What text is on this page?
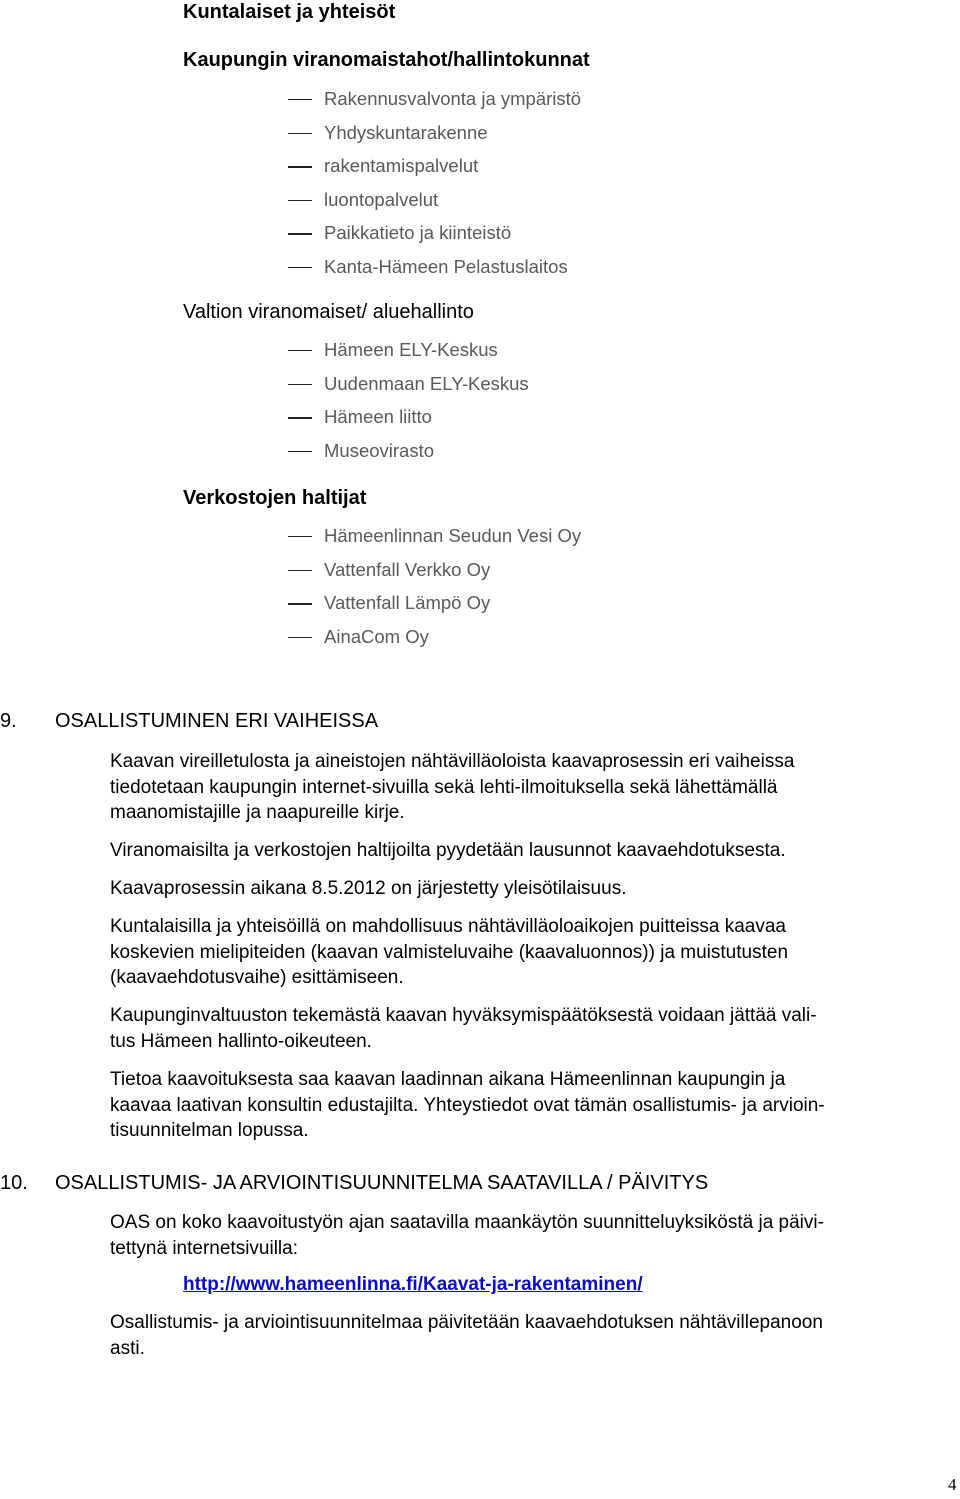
Kuntalaiset ja yhteisöt
Kaupungin viranomaistahot/hallintokunnat
Rakennusvalvonta ja ympäristö
Yhdyskuntarakenne
rakentamispalvelut
luontopalvelut
Paikkatieto ja kiinteistö
Kanta-Hämeen Pelastuslaitos
Valtion viranomaiset/ aluehallinto
Hämeen ELY-Keskus
Uudenmaan ELY-Keskus
Hämeen liitto
Museovirasto
Verkostojen haltijat
Hämeenlinnan Seudun Vesi Oy
Vattenfall Verkko Oy
Vattenfall Lämpö Oy
AinaCom Oy
9. OSALLISTUMINEN ERI VAIHEISSA

Kaavan vireilletulosta ja aineistojen nähtävilläoloista kaavaprosessin eri vaiheissa
tiedotetaan kaupungin internet-sivuilla sekä lehti-ilmoituksella sekä lähettämällä
maanomistajille ja naapureille kirje.

Viranomaisilta ja verkostojen haltijoilta pyydetään lausunnot kaavaehdotuksesta.

Kaavaprosessin aikana 8.5.2012 on järjestetty yleisötilaisuus.

Kuntalaisilla ja yhteisöillä on mahdollisuus nähtävilläoloaikojen puitteissa kaavaa
koskevien mielipiteiden (kaavan valmisteluvaihe (kaavaluonnos)) ja muistutusten
(kaavaehdotusvaihe) esittämiseen.

Kaupunginvaltuuston tekemästä kaavan hyväksymispäätöksestä voidaan jättää vali-
tus Hämeen hallinto-oikeuteen.

Tietoa kaavoituksesta saa kaavan laadinnan aikana Hämeenlinnan kaupungin ja
kaavaa laativan konsultin edustajilta. Yhteystiedot ovat tämän osallistumis- ja arvioin-
tisuunnitelman lopussa.

10. OSALLISTUMIS- JA ARVIOINTISUUNNITELMA SAATAVILLA / PÄIVITYS

OAS on koko kaavoitustyön ajan saatavilla maankäytön suunnitteluyksiköstä ja päivi-
tettynä internetsivuilla:

http://www.hameenlinna.fi/Kaavat-ja-rakentaminen/

Osallistumis- ja arviointisuunnitelmaa päivitetään kaavaehdotuksen nähtävillepanoon
asti.

4
